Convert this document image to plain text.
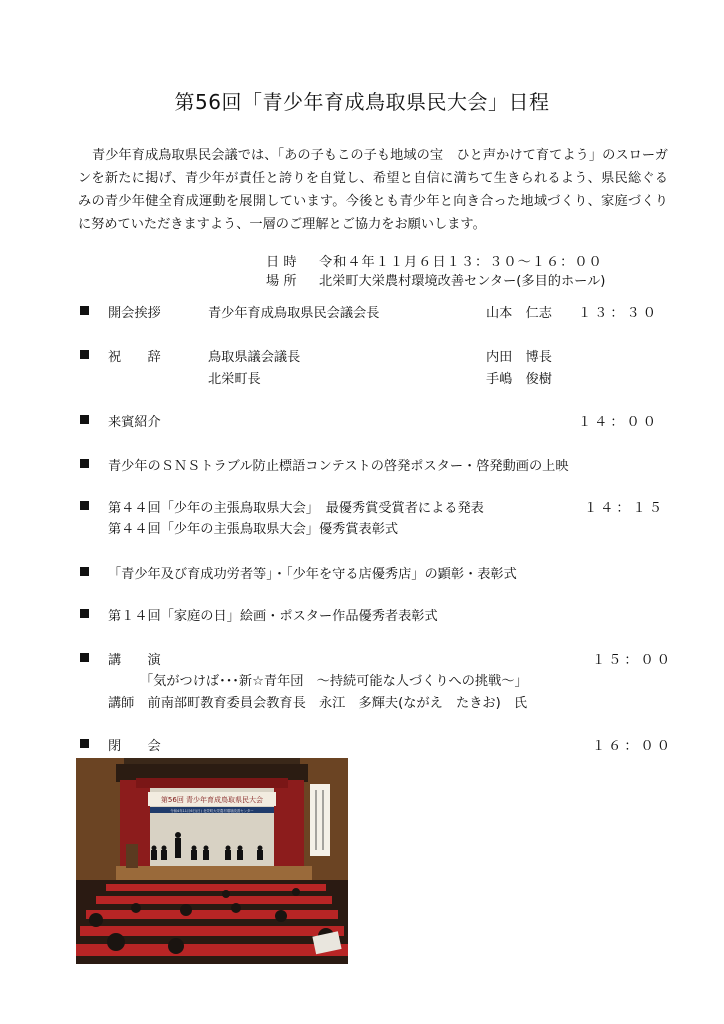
第56回「青少年育成鳥取県民大会」日程
青少年育成鳥取県民会議では、「あの子もこの子も地域の宝　ひと声かけて育てよう」のスローガンを新たに掲げ、青少年が責任と誇りを自覚し、希望と自信に満ちて生きられるよう、県民総ぐるみの青少年健全育成運動を展開しています。今後とも青少年と向き合った地域づくり、家庭づくりに努めていただきますよう、一層のご理解とご協力をお願いします。
日 時 令和４年１１月６日１３：３０～１６：００
場 所 北栄町大栄農村環境改善センター(多目的ホール)
開会挨拶	青少年育成鳥取県民会議会長	山本　仁志 １３：３０
祝　　辞	鳥取県議会議長	内田　博長
北栄町長	手嶋　俊樹
来賓紹介	１４：００
青少年のＳＮＳトラブル防止標語コンテストの啓発ポスター・啓発動画の上映
第４４回「少年の主張鳥取県大会」　最優秀賞受賞者による発表	１４：１５
第４４回「少年の主張鳥取県大会」優秀賞表彰式
「青少年及び育成功労者等」・「少年を守る店優秀店」の顕彰・表彰式
第１４回「家庭の日」絵画・ポスター作品優秀者表彰式
講　　演	１５：００
「気がつけば･･･新☆青年団　～持続可能な人づくりへの挑戦～」
講師　前南部町教育委員会教育長　永江　多輝夫(ながえ　たきお)　氏
閉　　会	１６：００
第56回 青少年育成鳥取県民大会
令和4年11月6日(日) 北栄町大栄農村環境改善センター
